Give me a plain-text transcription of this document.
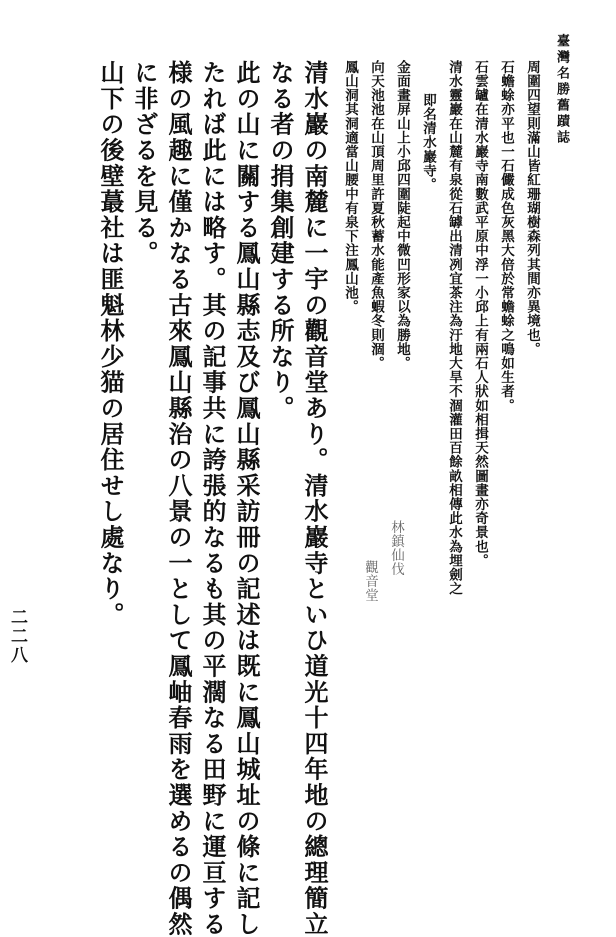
臺灣名勝舊蹟誌
二二八
周圍四望則滿山皆紅珊瑚樹森列其間亦異境也。
石蟾蜍亦平也一石儼成色灰黑大倍於常蟾蜍之鳴如生者。
石雲罏在清水巖寺南數武平原中浮一小邱上有兩石人狀如相揖天然圖畫亦奇景也。
清水靈巖在山麓有泉從石罅出清冽宜茶注為汙地大旱不涸灌田百餘畝相傳此水為埋劍之
即名清水巖寺。
金面畫屏山上小邱四圍陡起中微凹形家以為勝地。
向天池池在山頂周里許夏秋蓄水能產魚蝦冬則涸。
鳳山洞其洞適當山腰中有泉下注鳳山池。
林鎮仙伐
觀音堂
清水巖の南麓に一宇の觀音堂あり。清水巖寺といひ道光十四年地の總理簡立
なる者の捐集創建する所なり。
此の山に關する鳳山縣志及び鳳山縣采訪冊の記述は既に鳳山城址の條に記し
たれば此には略す。其の記事共に誇張的なるも其の平濶なる田野に運亘する
様の風趣に僅かなる古來鳳山縣治の八景の一として鳳岫春雨を選めるの偶然
に非ざるを見る。
山下の後壁蕞社は匪魁林少猫の居住せし處なり。
